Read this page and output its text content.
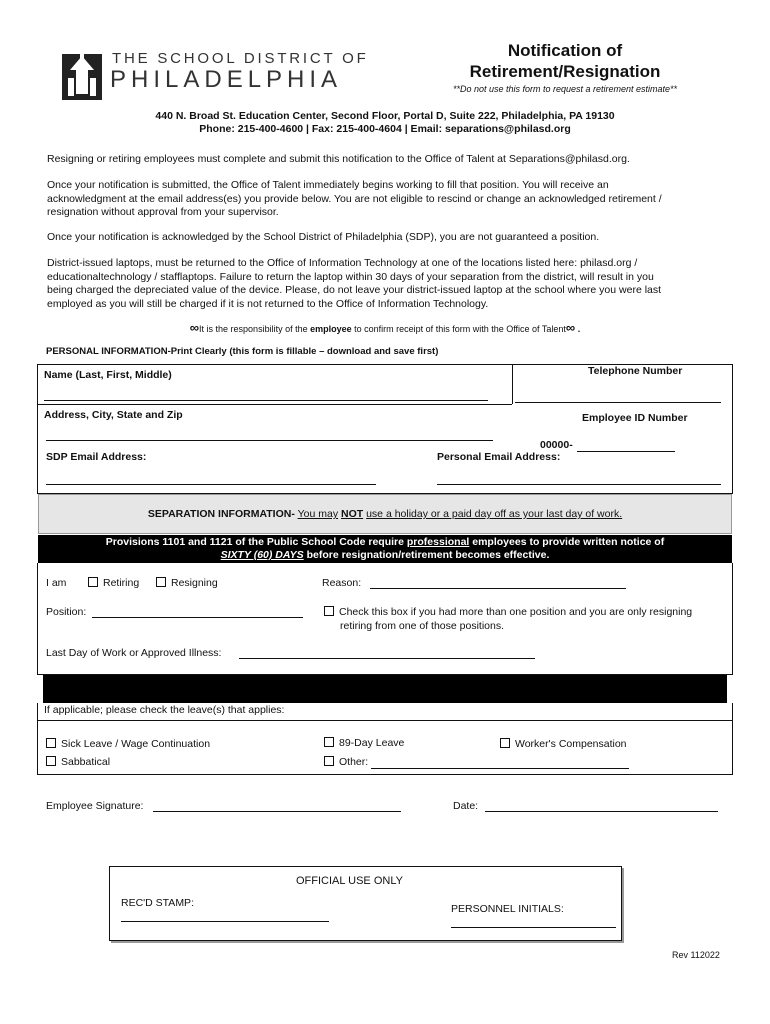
THE SCHOOL DISTRICT OF
PHILADELPHIA
Notification of
Retirement/Resignation
**Do not use this form to request a retirement estimate**
440 N. Broad St. Education Center, Second Floor, Portal D, Suite 222, Philadelphia, PA 19130
Phone: 215-400-4600 | Fax: 215-400-4604 | Email: separations@philasd.org
Resigning or retiring employees must complete and submit this notification to the Office of Talent at Separations@philasd.org.
Once your notification is submitted, the Office of Talent immediately begins working to fill that position. You will receive an
acknowledgment at the email address(es) you provide below. You are not eligible to rescind or change an acknowledged retirement /
resignation without approval from your supervisor.
Once your notification is acknowledged by the School District of Philadelphia (SDP), you are not guaranteed a position.
District-issued laptops, must be returned to the Office of Information Technology at one of the locations listed here: philasd.org /
educationaltechnology / stafflaptops. Failure to return the laptop within 30 days of your separation from the district, will result in you
being charged the depreciated value of the device. Please, do not leave your district-issued laptop at the school where you were last
employed as you will still be charged if it is not returned to the Office of Information Technology.
∞It is the responsibility of the employee to confirm receipt of this form with the Office of Talent∞ .
PERSONAL INFORMATION-Print Clearly (this form is fillable – download and save first)
Name (Last, First, Middle)	Telephone Number
Address, City, State and Zip	Employee ID Number
00000-
SDP Email Address:	Personal Email Address:
SEPARATION INFORMATION- You may NOT use a holiday or a paid day off as your last day of work.
Provisions 1101 and 1121 of the Public School Code require professional employees to provide written notice of
SIXTY (60) DAYS before resignation/retirement becomes effective.
I am	Retiring	Resigning	Reason:
Position:	Check this box if you had more than one position and you are only resigning
retiring from one of those positions.
Last Day of Work or Approved Illness:
If applicable; please check the leave(s) that applies:
Sick Leave / Wage Continuation	89-Day Leave	Worker's Compensation
Sabbatical	Other:
Employee Signature:	Date:
OFFICIAL USE ONLY
REC'D STAMP:	PERSONNEL INITIALS:
Rev 112022
